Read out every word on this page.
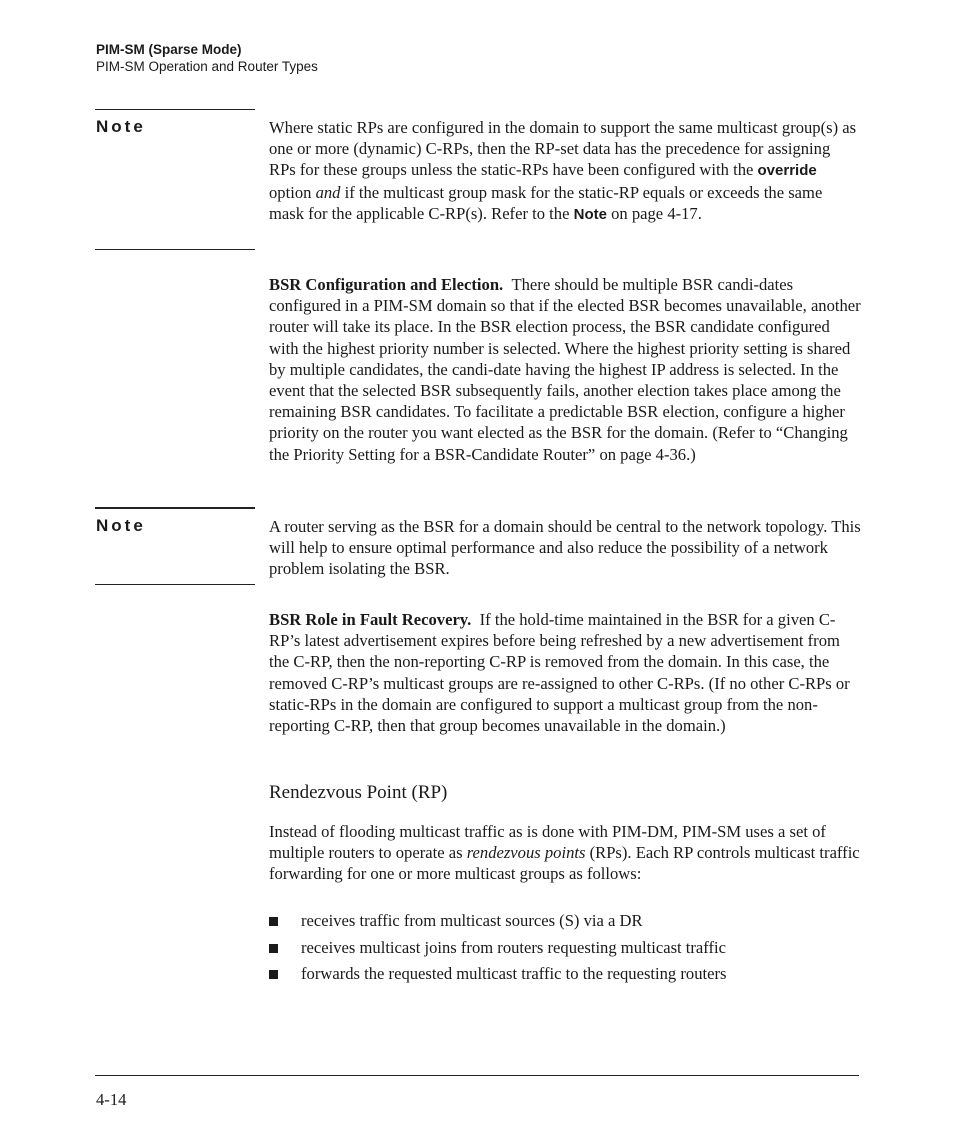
PIM-SM (Sparse Mode)
PIM-SM Operation and Router Types
Note	Where static RPs are configured in the domain to support the same multicast group(s) as one or more (dynamic) C-RPs, then the RP-set data has the precedence for assigning RPs for these groups unless the static-RPs have been configured with the override option and if the multicast group mask for the static-RP equals or exceeds the same mask for the applicable C-RP(s). Refer to the Note on page 4-17.

BSR Configuration and Election. There should be multiple BSR candi-dates configured in a PIM-SM domain so that if the elected BSR becomes unavailable, another router will take its place. In the BSR election process, the BSR candidate configured with the highest priority number is selected. Where the highest priority setting is shared by multiple candidates, the candi-date having the highest IP address is selected. In the event that the selected BSR subsequently fails, another election takes place among the remaining BSR candidates. To facilitate a predictable BSR election, configure a higher priority on the router you want elected as the BSR for the domain. (Refer to “Changing the Priority Setting for a BSR-Candidate Router” on page 4-36.)

Note	A router serving as the BSR for a domain should be central to the network topology. This will help to ensure optimal performance and also reduce the possibility of a network problem isolating the BSR.

BSR Role in Fault Recovery. If the hold-time maintained in the BSR for a given C-RP’s latest advertisement expires before being refreshed by a new advertisement from the C-RP, then the non-reporting C-RP is removed from the domain. In this case, the removed C-RP’s multicast groups are re-assigned to other C-RPs. (If no other C-RPs or static-RPs in the domain are configured to support a multicast group from the non-reporting C-RP, then that group becomes unavailable in the domain.)

Rendezvous Point (RP)

Instead of flooding multicast traffic as is done with PIM-DM, PIM-SM uses a set of multiple routers to operate as rendezvous points (RPs). Each RP controls multicast traffic forwarding for one or more multicast groups as follows:

receives traffic from multicast sources (S) via a DR
receives multicast joins from routers requesting multicast traffic
forwards the requested multicast traffic to the requesting routers
4-14
